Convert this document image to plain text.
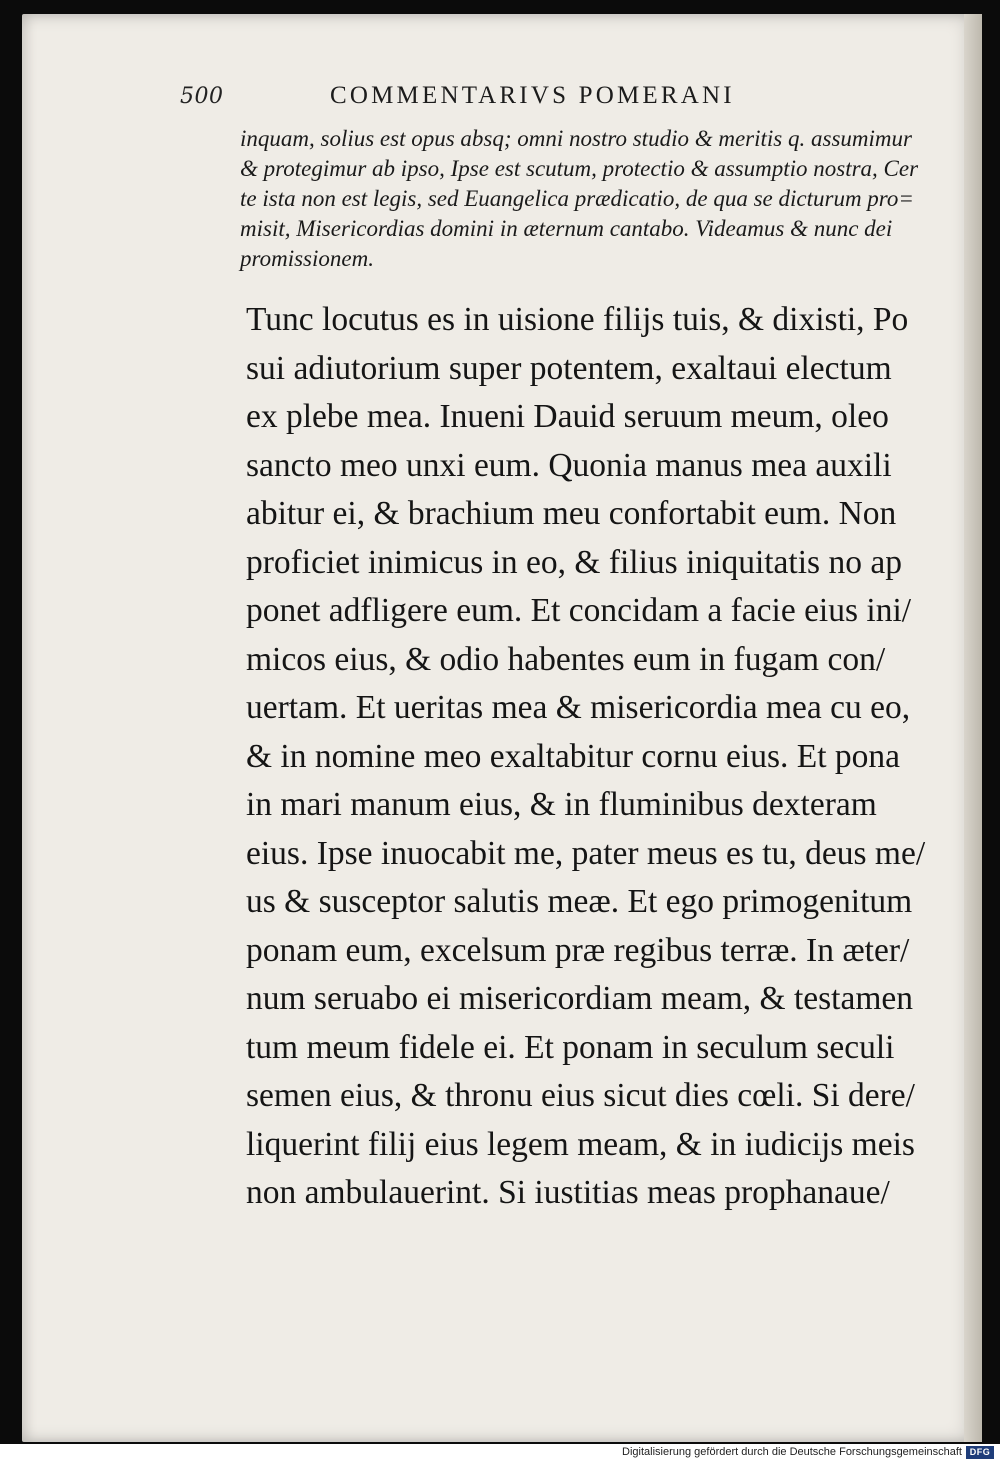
500	COMMENTARIVS POMERANI
inquam, solius est opus absq; omni nostro studio & meritis q. assumimur
& protegimur ab ipso, Ipse est scutum, protectio & assumptio nostra, Cer
te ista non est legis, sed Euangelica prædicatio, de qua se dicturum pro=
misit, Misericordias domini in æternum cantabo. Videamus & nunc dei
promissionem.
Tunc locutus es in uisione filijs tuis, & dixisti, Po
sui adiutorium super potentem, exaltaui electum
ex plebe mea. Inueni Dauid seruum meum, oleo
sancto meo unxi eum. Quonia manus mea auxili
abitur ei, & brachium meu confortabit eum. Non
proficiet inimicus in eo, & filius iniquitatis no ap
ponet adfligere eum. Et concidam a facie eius ini/
micos eius, & odio habentes eum in fugam con/
uertam. Et ueritas mea & misericordia mea cu eo,
& in nomine meo exaltabitur cornu eius. Et pona
in mari manum eius, & in fluminibus dexteram
eius. Ipse inuocabit me, pater meus es tu, deus me/
us & susceptor salutis meæ. Et ego primogenitum
ponam eum, excelsum præ regibus terræ. In æter/
num seruabo ei misericordiam meam, & testamen
tum meum fidele ei. Et ponam in seculum seculi
semen eius, & thronu eius sicut dies cœli. Si dere/
liquerint filij eius legem meam, & in iudicijs meis
non ambulauerint. Si iustitias meas prophanaue/
Digitalisierung gefördert durch die Deutsche Forschungsgemeinschaft DFG
